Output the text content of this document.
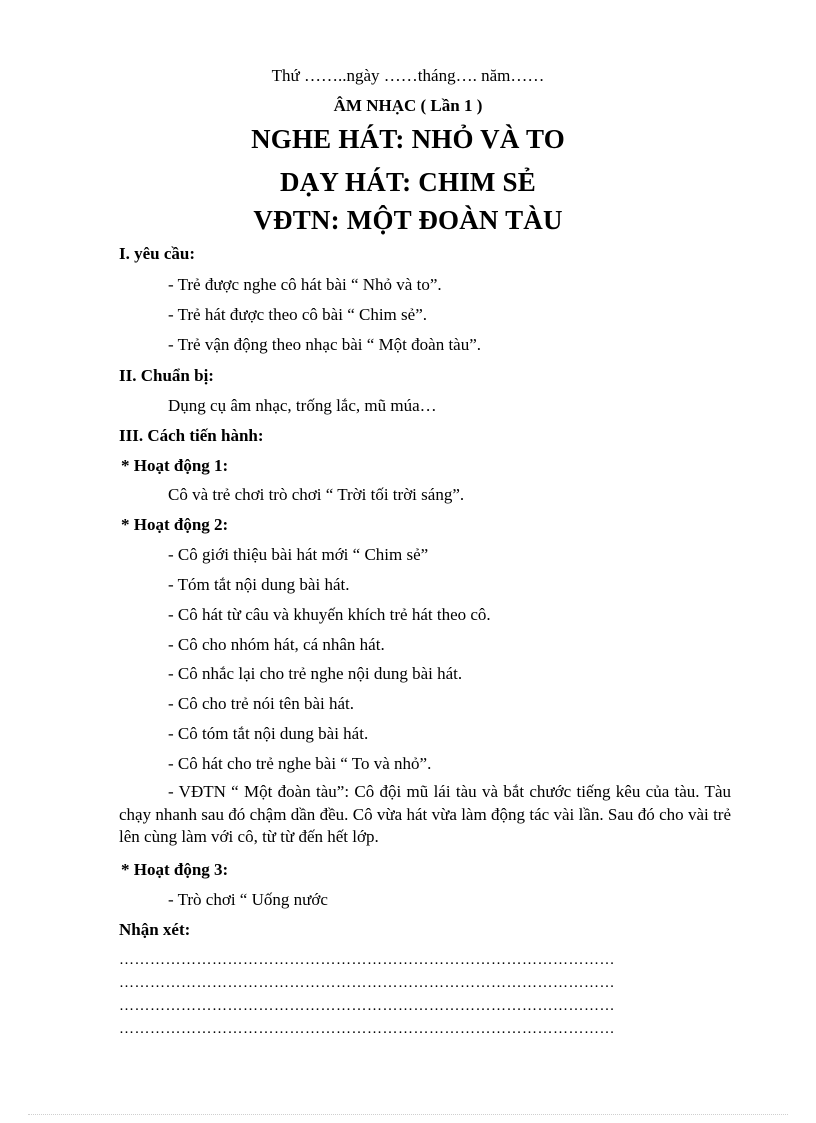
Thứ ……..ngày ……tháng…. năm……
ÂM NHẠC ( Lần 1 )
NGHE HÁT: NHỎ VÀ TO
DẠY HÁT: CHIM SẺ
VĐTN: MỘT ĐOÀN TÀU
I. yêu cầu:
- Trẻ được nghe cô hát bài “ Nhỏ và to”.
- Trẻ hát được theo cô bài “ Chim sẻ”.
- Trẻ vận động theo nhạc bài “ Một đoàn tàu”.
II. Chuẩn bị:
Dụng cụ âm nhạc, trống lắc, mũ múa…
III. Cách tiến hành:
* Hoạt động 1:
Cô và trẻ chơi trò chơi “ Trời tối trời sáng”.
* Hoạt động 2:
- Cô giới thiệu bài hát mới “ Chim sẻ”
- Tóm tắt nội dung bài hát.
- Cô hát từ câu và khuyến khích trẻ hát theo cô.
- Cô cho nhóm hát, cá nhân hát.
- Cô nhắc lại cho trẻ nghe nội dung bài hát.
- Cô cho trẻ nói tên bài hát.
- Cô tóm tắt nội dung bài hát.
- Cô hát cho trẻ nghe bài “ To và nhỏ”.
- VĐTN “ Một đoàn tàu”: Cô đội mũ lái tàu và bắt chước tiếng kêu của tàu. Tàu chạy nhanh sau đó chậm dần đều. Cô vừa hát vừa làm động tác vài lần. Sau đó cho vài trẻ lên cùng làm với cô, từ từ đến hết lớp.
* Hoạt động 3:
- Trò chơi “ Uống nước
Nhận xét:
……………………………………………………………………………………
……………………………………………………………………………………
……………………………………………………………………………………
……………………………………………………………………………………
